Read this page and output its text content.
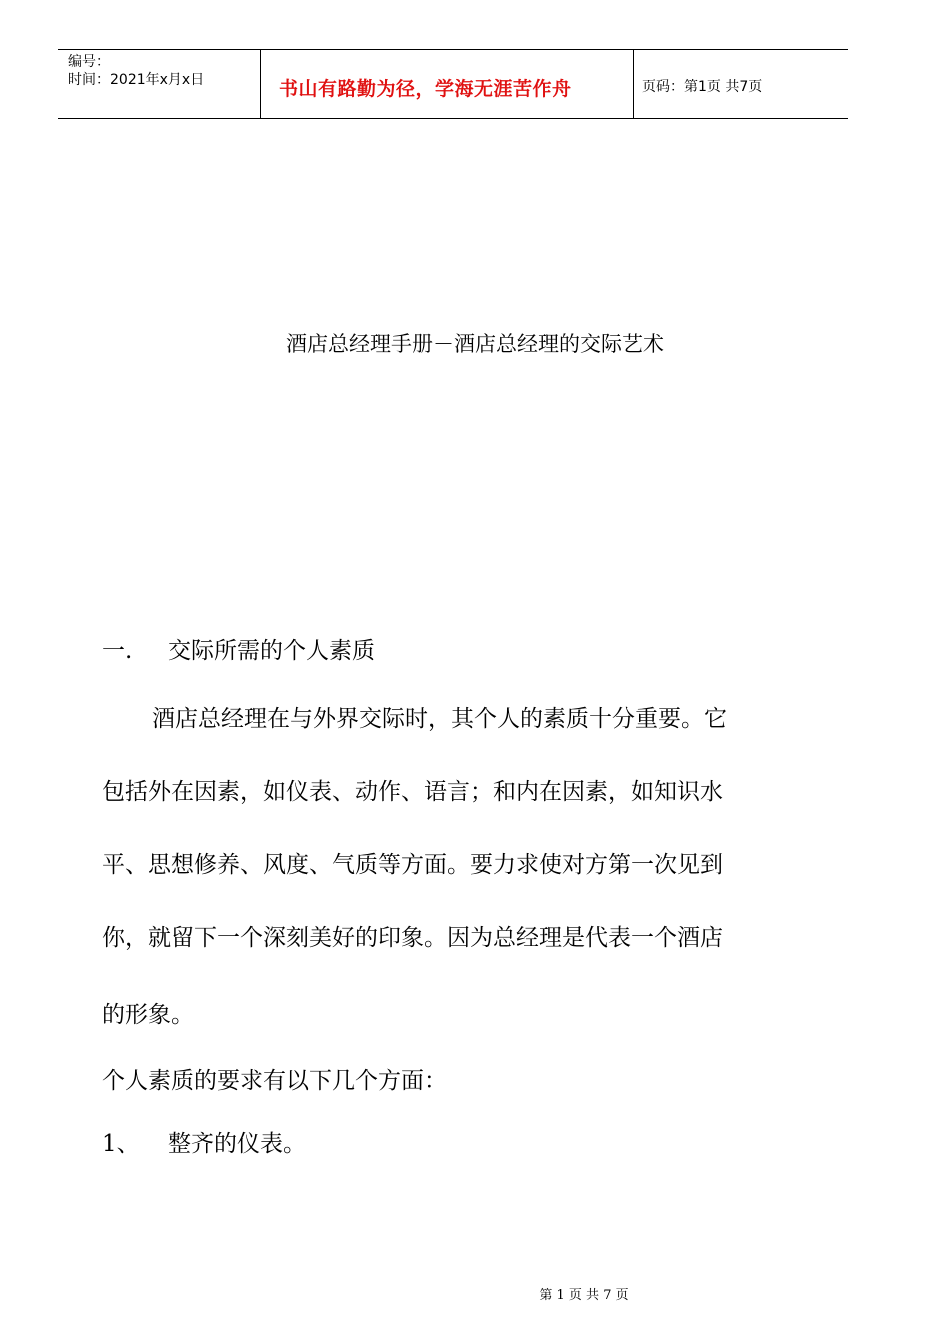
编号：
时间：2021年x月x日	书山有路勤为径，学海无涯苦作舟	页码：第1页 共7页
酒店总经理手册－酒店总经理的交际艺术
一. 交际所需的个人素质
酒店总经理在与外界交际时，其个人的素质十分重要。它
包括外在因素，如仪表、动作、语言；和内在因素，如知识水
平、思想修养、风度、气质等方面。要力求使对方第一次见到
你，就留下一个深刻美好的印象。因为总经理是代表一个酒店
的形象。
个人素质的要求有以下几个方面：
1、 整齐的仪表。
第 1 页 共 7 页
